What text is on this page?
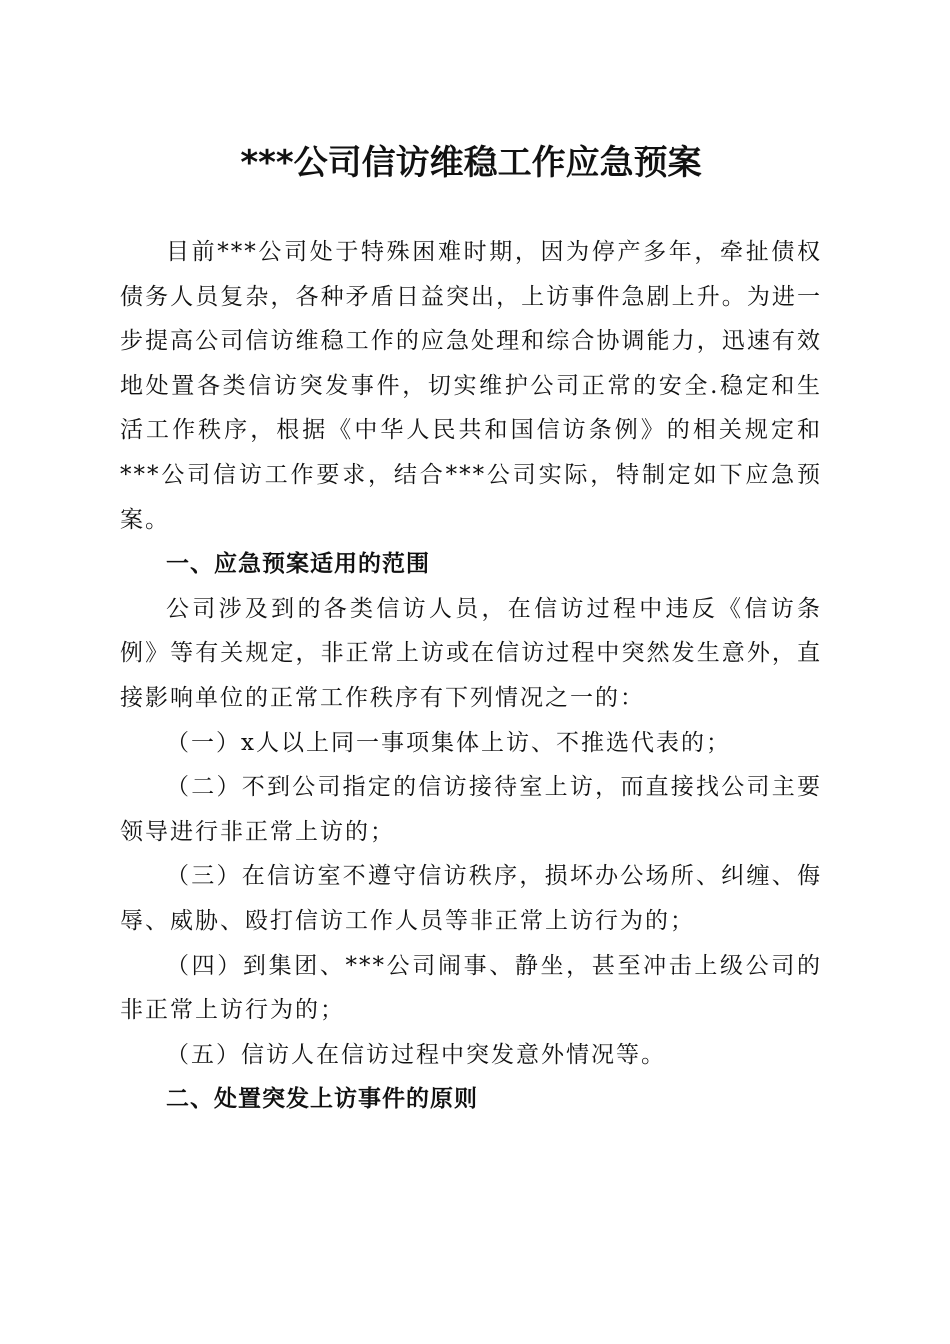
***公司信访维稳工作应急预案

目前***公司处于特殊困难时期，因为停产多年，牵扯债权债务人员复杂，各种矛盾日益突出，上访事件急剧上升。为进一步提高公司信访维稳工作的应急处理和综合协调能力，迅速有效地处置各类信访突发事件，切实维护公司正常的安全.稳定和生活工作秩序，根据《中华人民共和国信访条例》的相关规定和***公司信访工作要求，结合***公司实际，特制定如下应急预案。

一、应急预案适用的范围

公司涉及到的各类信访人员，在信访过程中违反《信访条例》等有关规定，非正常上访或在信访过程中突然发生意外，直接影响单位的正常工作秩序有下列情况之一的：

（一）x人以上同一事项集体上访、不推选代表的；

（二）不到公司指定的信访接待室上访，而直接找公司主要领导进行非正常上访的；

（三）在信访室不遵守信访秩序，损坏办公场所、纠缠、侮辱、威胁、殴打信访工作人员等非正常上访行为的；

（四）到集团、***公司闹事、静坐，甚至冲击上级公司的非正常上访行为的；

（五）信访人在信访过程中突发意外情况等。

二、处置突发上访事件的原则
